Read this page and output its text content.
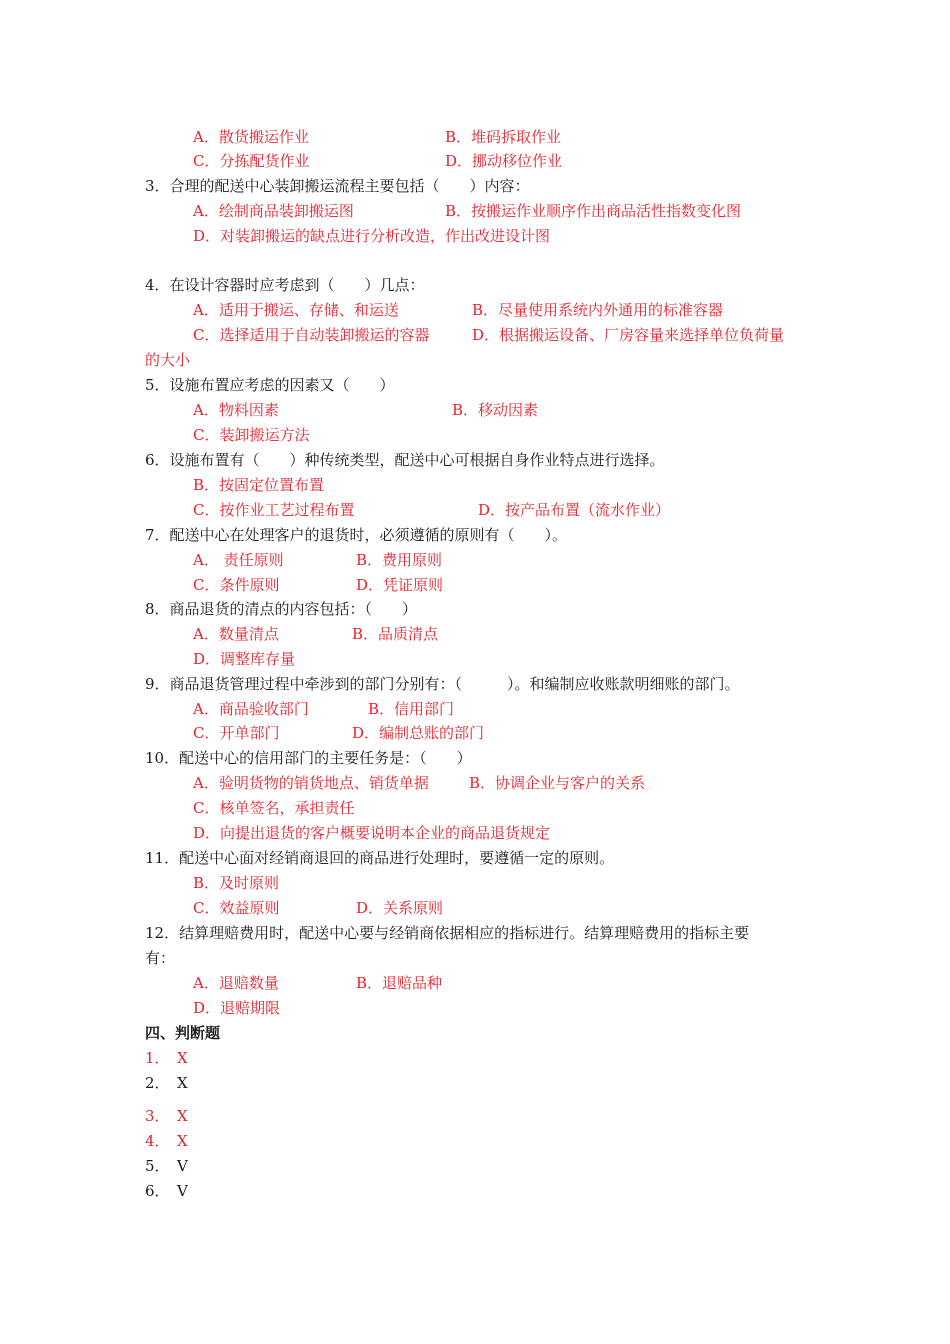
A．散货搬运作业	B．堆码拆取作业
C．分拣配货作业	D．挪动移位作业
3．合理的配送中心装卸搬运流程主要包括（　　）内容：
A．绘制商品装卸搬运图	B．按搬运作业顺序作出商品活性指数变化图
D．对装卸搬运的缺点进行分析改造，作出改进设计图
4．在设计容器时应考虑到（　　）几点：
A．适用于搬运、存储、和运送	B．尽量使用系统内外通用的标准容器
C．选择适用于自动装卸搬运的容器	D．根据搬运设备、厂房容量来选择单位负荷量
的大小
5．设施布置应考虑的因素又（　　）
A．物料因素	B．移动因素
C．装卸搬运方法
6．设施布置有（　　）种传统类型，配送中心可根据自身作业特点进行选择。
B．按固定位置布置
C．按作业工艺过程布置	D．按产品布置（流水作业）
7．配送中心在处理客户的退货时，必须遵循的原则有（　　）。
A． 责任原则	B．费用原则
C．条件原则	D．凭证原则
8．商品退货的清点的内容包括：（　　）
A．数量清点	B．品质清点
D．调整库存量
9．商品退货管理过程中牵涉到的部门分别有：（　　　）。和编制应收账款明细账的部门。
A．商品验收部门	B．信用部门
C．开单部门	D．编制总账的部门
10．配送中心的信用部门的主要任务是：（　　）
A．验明货物的销货地点、销货单据	B．协调企业与客户的关系
C．核单签名，承担责任
D．向提出退货的客户概要说明本企业的商品退货规定
11．配送中心面对经销商退回的商品进行处理时，要遵循一定的原则。
B．及时原则
C．效益原则	D．关系原则
12．结算理赔费用时，配送中心要与经销商依据相应的指标进行。结算理赔费用的指标主要
有：
A．退赔数量	B．退赔品种
D．退赔期限
四、判断题
1．　X
2．　X
3．　X
4．　X
5．　V
6．　V
